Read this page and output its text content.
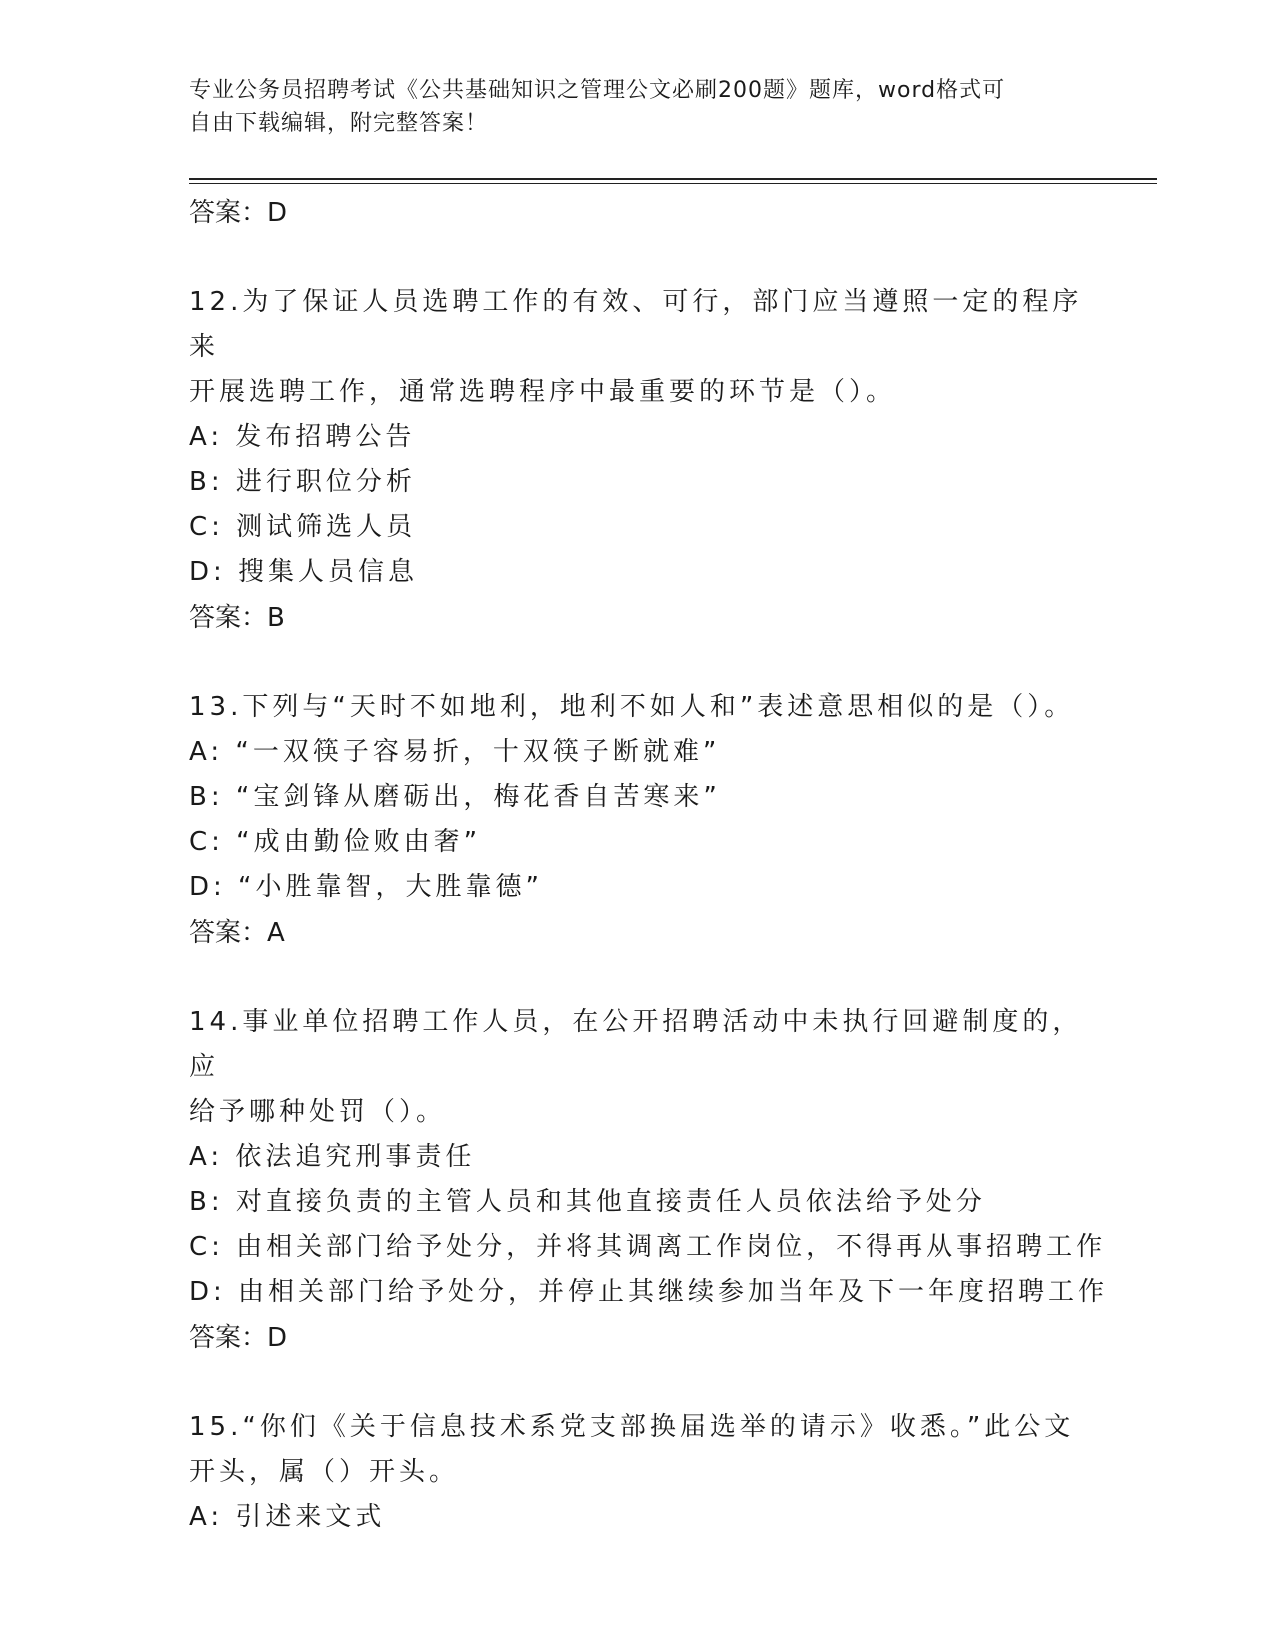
专业公务员招聘考试《公共基础知识之管理公文必刷200题》题库，word格式可
自由下载编辑，附完整答案！

答案：D

12.为了保证人员选聘工作的有效、可行，部门应当遵照一定的程序来

开展选聘工作，通常选聘程序中最重要的环节是（）。

A: 发布招聘公告

B: 进行职位分析

C: 测试筛选人员

D: 搜集人员信息

答案：B

13.下列与“天时不如地利，地利不如人和”表述意思相似的是（）。

A: “一双筷子容易折，十双筷子断就难”

B: “宝剑锋从磨砺出，梅花香自苦寒来”

C: “成由勤俭败由奢”

D: “小胜靠智，大胜靠德”

答案：A

14.事业单位招聘工作人员，在公开招聘活动中未执行回避制度的，应

给予哪种处罚（）。

A: 依法追究刑事责任

B: 对直接负责的主管人员和其他直接责任人员依法给予处分

C: 由相关部门给予处分，并将其调离工作岗位，不得再从事招聘工作

D: 由相关部门给予处分，并停止其继续参加当年及下一年度招聘工作

答案：D

15.“你们《关于信息技术系党支部换届选举的请示》收悉。”此公文

开头，属（）开头。

A: 引述来文式
